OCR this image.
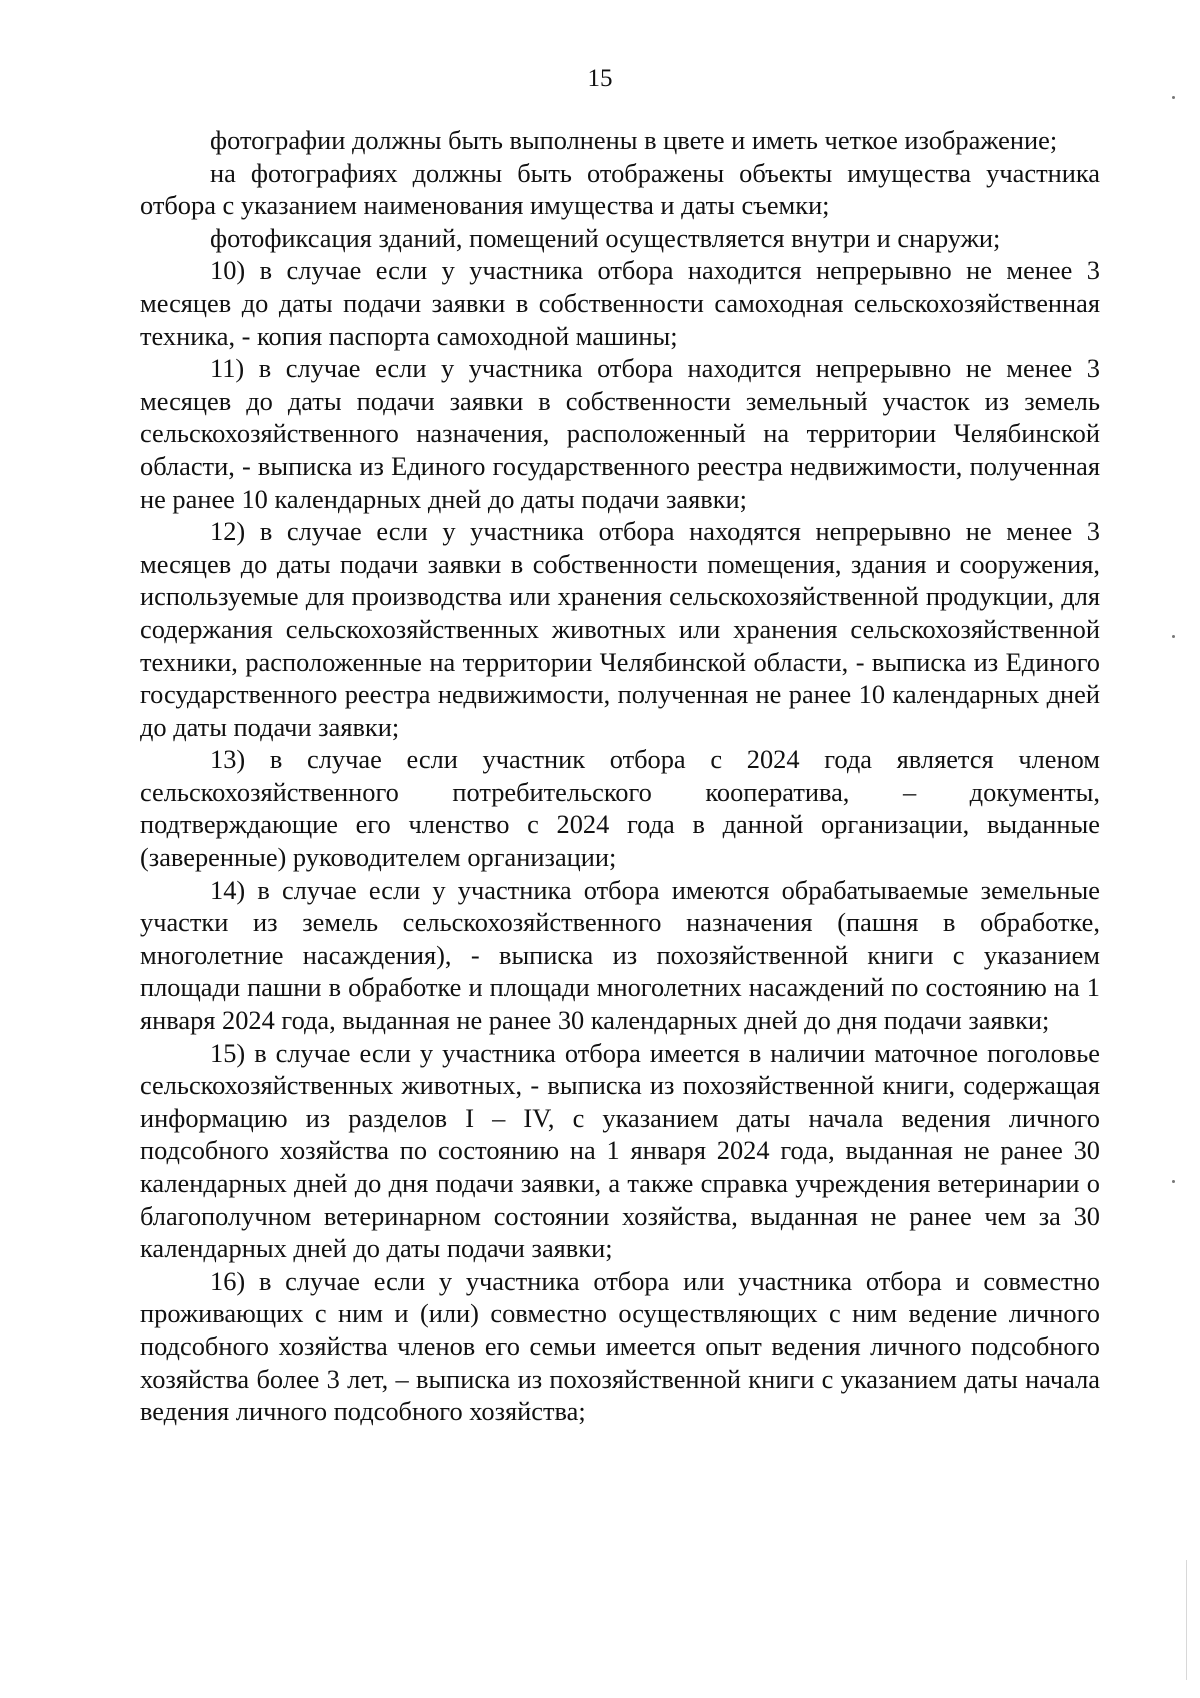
15

фотографии должны быть выполнены в цвете и иметь четкое изображение;

на фотографиях должны быть отображены объекты имущества участника отбора с указанием наименования имущества и даты съемки;

фотофиксация зданий, помещений осуществляется внутри и снаружи;

10) в случае если у участника отбора находится непрерывно не менее 3 месяцев до даты подачи заявки в собственности самоходная сельскохозяйственная техника, - копия паспорта самоходной машины;

11) в случае если у участника отбора находится непрерывно не менее 3 месяцев до даты подачи заявки в собственности земельный участок из земель сельскохозяйственного назначения, расположенный на территории Челябинской области, - выписка из Единого государственного реестра недвижимости, полученная не ранее 10 календарных дней до даты подачи заявки;

12) в случае если у участника отбора находятся непрерывно не менее 3 месяцев до даты подачи заявки в собственности помещения, здания и сооружения, используемые для производства или хранения сельскохозяйственной продукции, для содержания сельскохозяйственных животных или хранения сельскохозяйственной техники, расположенные на территории Челябинской области, - выписка из Единого государственного реестра недвижимости, полученная не ранее 10 календарных дней до даты подачи заявки;

13) в случае если участник отбора с 2024 года является членом сельскохозяйственного потребительского кооператива, – документы, подтверждающие его членство с 2024 года в данной организации, выданные (заверенные) руководителем организации;

14) в случае если у участника отбора имеются обрабатываемые земельные участки из земель сельскохозяйственного назначения (пашня в обработке, многолетние насаждения), - выписка из похозяйственной книги с указанием площади пашни в обработке и площади многолетних насаждений по состоянию на 1 января 2024 года, выданная не ранее 30 календарных дней до дня подачи заявки;

15) в случае если у участника отбора имеется в наличии маточное поголовье сельскохозяйственных животных, - выписка из похозяйственной книги, содержащая информацию из разделов I – IV, с указанием даты начала ведения личного подсобного хозяйства по состоянию на 1 января 2024 года, выданная не ранее 30 календарных дней до дня подачи заявки, а также справка учреждения ветеринарии о благополучном ветеринарном состоянии хозяйства, выданная не ранее чем за 30 календарных дней до даты подачи заявки;

16) в случае если у участника отбора или участника отбора и совместно проживающих с ним и (или) совместно осуществляющих с ним ведение личного подсобного хозяйства членов его семьи имеется опыт ведения личного подсобного хозяйства более 3 лет, – выписка из похозяйственной книги с указанием даты начала ведения личного подсобного хозяйства;
